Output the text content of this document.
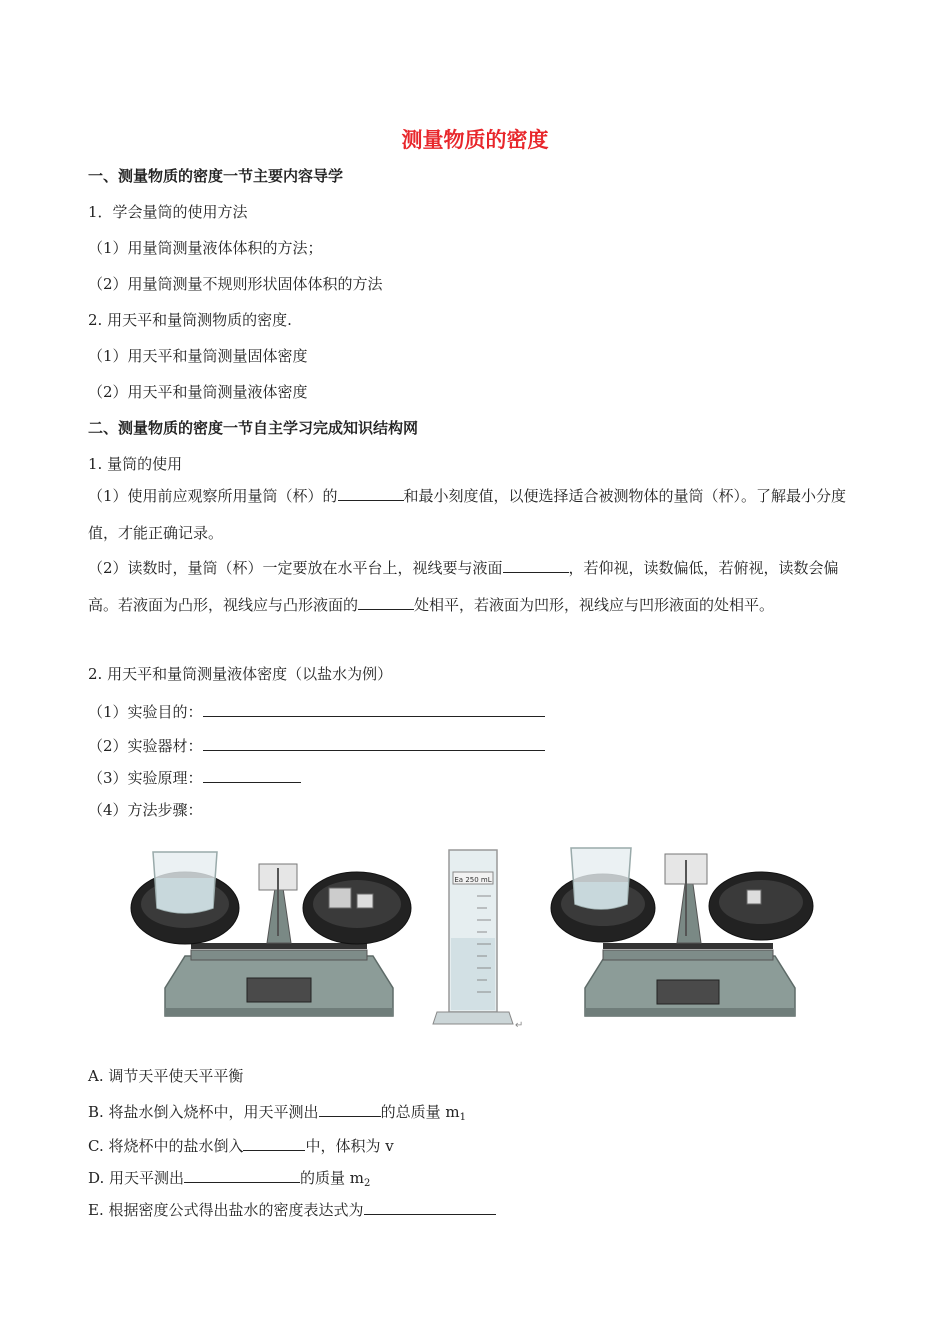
测量物质的密度
一、测量物质的密度一节主要内容导学
1．学会量筒的使用方法
（1）用量筒测量液体体积的方法；
（2）用量筒测量不规则形状固体体积的方法
2. 用天平和量筒测物质的密度.
（1）用天平和量筒测量固体密度
（2）用天平和量筒测量液体密度
二、测量物质的密度一节自主学习完成知识结构网
1. 量筒的使用
（1）使用前应观察所用量筒（杯）的	和最小刻度值，以便选择适合被测物体的量筒（杯）。了解最小分度值，才能正确记录。
（2）读数时，量筒（杯）一定要放在水平台上，视线要与液面	，若仰视，读数偏低，若俯视，读数会偏高。若液面为凸形，视线应与凸形液面的	处相平，若液面为凹形，视线应与凹形液面的处相平。
2. 用天平和量筒测量液体密度（以盐水为例）
（1）实验目的：
（2）实验器材：
（3）实验原理：
（4）方法步骤：
Ea 250 mL
↵
A. 调节天平使天平平衡
B. 将盐水倒入烧杯中，用天平测出	的总质量 $m_1$
C. 将烧杯中的盐水倒入	中，体积为 v
D. 用天平测出	的质量 $m_2$
E. 根据密度公式得出盐水的密度表达式为
